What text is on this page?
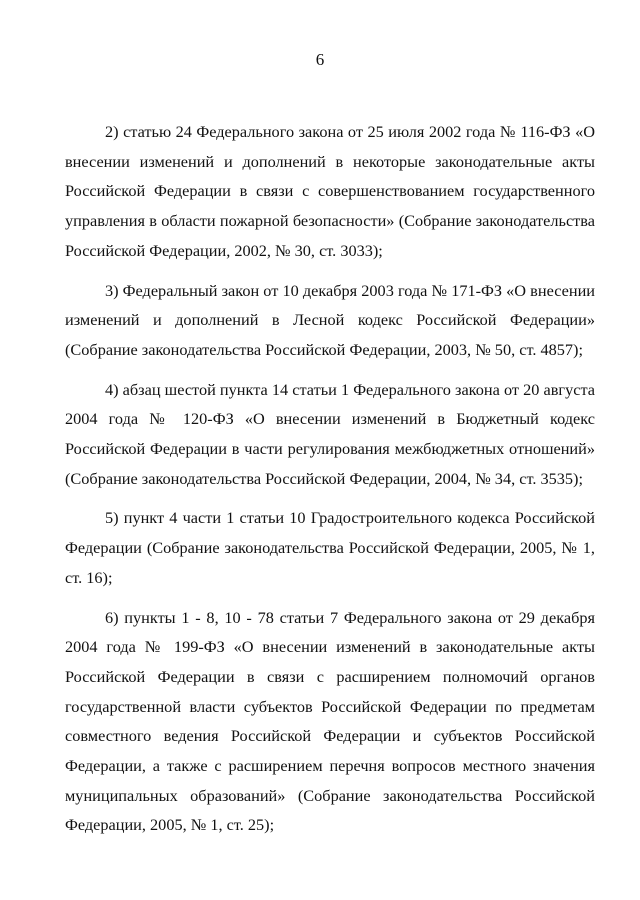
6

2) статью 24 Федерального закона от 25 июля 2002 года № 116-ФЗ «О внесении изменений и дополнений в некоторые законодательные акты Российской Федерации в связи с совершенствованием государственного управления в области пожарной безопасности» (Собрание законодательства Российской Федерации, 2002, № 30, ст. 3033);

3) Федеральный закон от 10 декабря 2003 года № 171-ФЗ «О внесении изменений и дополнений в Лесной кодекс Российской Федерации» (Собрание законодательства Российской Федерации, 2003, № 50, ст. 4857);

4) абзац шестой пункта 14 статьи 1 Федерального закона от 20 августа 2004 года № 120-ФЗ «О внесении изменений в Бюджетный кодекс Российской Федерации в части регулирования межбюджетных отношений» (Собрание законодательства Российской Федерации, 2004, № 34, ст. 3535);

5) пункт 4 части 1 статьи 10 Градостроительного кодекса Российской Федерации (Собрание законодательства Российской Федерации, 2005, № 1, ст. 16);

6) пункты 1 - 8, 10 - 78 статьи 7 Федерального закона от 29 декабря 2004 года № 199-ФЗ «О внесении изменений в законодательные акты Российской Федерации в связи с расширением полномочий органов государственной власти субъектов Российской Федерации по предметам совместного ведения Российской Федерации и субъектов Российской Федерации, а также с расширением перечня вопросов местного значения муниципальных образований» (Собрание законодательства Российской Федерации, 2005, № 1, ст. 25);
